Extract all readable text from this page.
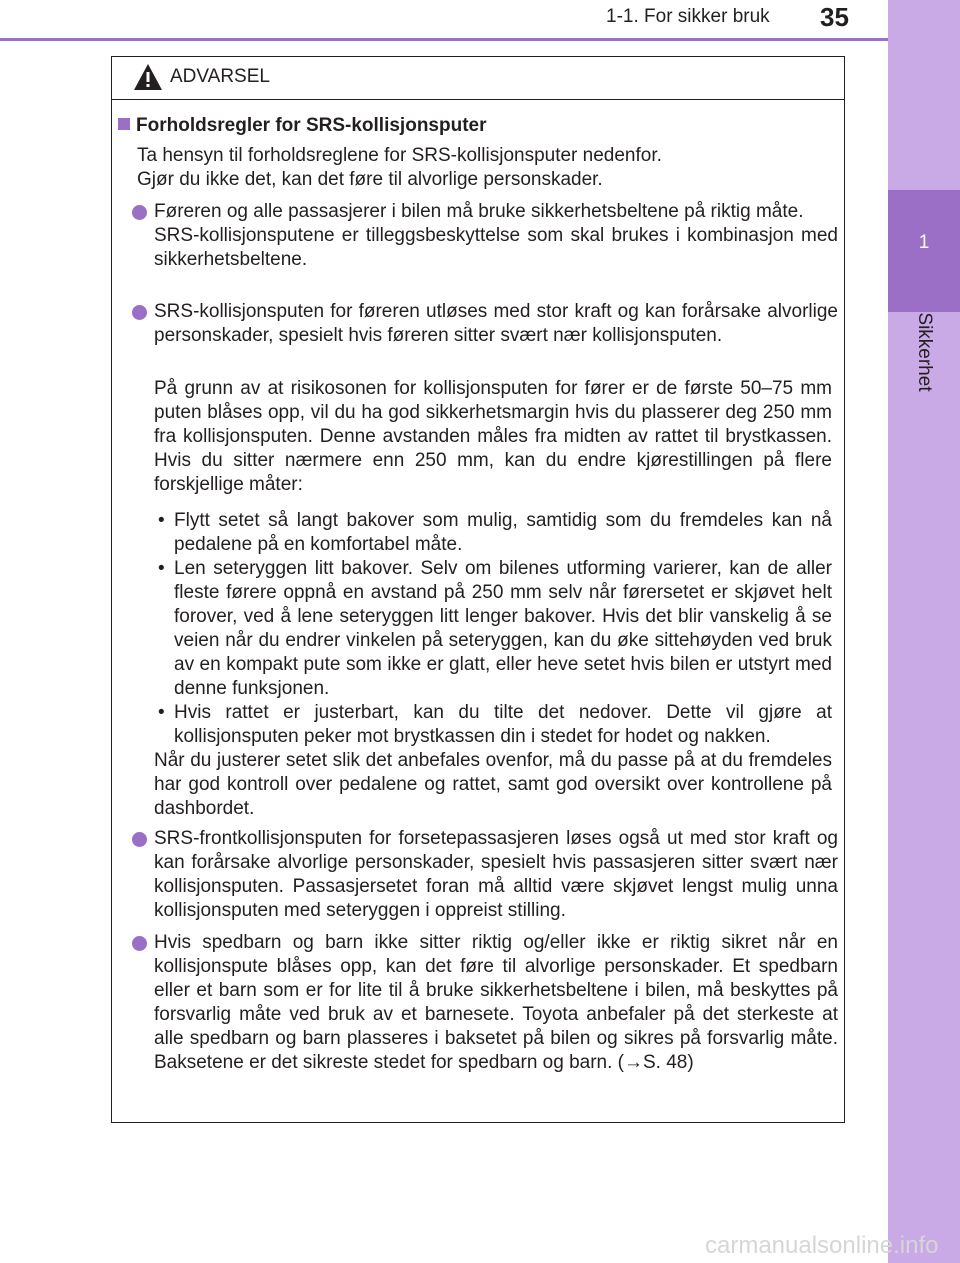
1-1. For sikker bruk 35
1
Sikkerhet
ADVARSEL
Forholdsregler for SRS-kollisjonsputer

Ta hensyn til forholdsreglene for SRS-kollisjonsputer nedenfor.

Gjør du ikke det, kan det føre til alvorlige personskader.

Føreren og alle passasjerer i bilen må bruke sikkerhetsbeltene på riktig måte.

SRS-kollisjonsputene er tilleggsbeskyttelse som skal brukes i kombinasjon med sikkerhetsbeltene.

SRS-kollisjonsputen for føreren utløses med stor kraft og kan forårsake alvorlige personskader, spesielt hvis føreren sitter svært nær kollisjonsputen.

På grunn av at risikosonen for kollisjonsputen for fører er de første 50–75 mm puten blåses opp, vil du ha god sikkerhetsmargin hvis du plasserer deg 250 mm fra kollisjonsputen. Denne avstanden måles fra midten av rattet til brystkassen. Hvis du sitter nærmere enn 250 mm, kan du endre kjørestillingen på flere forskjellige måter:
• Flytt setet så langt bakover som mulig, samtidig som du fremdeles kan nå pedalene på en komfortabel måte.
• Len seteryggen litt bakover. Selv om bilenes utforming varierer, kan de aller fleste førere oppnå en avstand på 250 mm selv når førersetet er skjøvet helt forover, ved å lene seteryggen litt lenger bakover. Hvis det blir vanskelig å se veien når du endrer vinkelen på seteryggen, kan du øke sittehøyden ved bruk av en kompakt pute som ikke er glatt, eller heve setet hvis bilen er utstyrt med denne funksjonen.
• Hvis rattet er justerbart, kan du tilte det nedover. Dette vil gjøre at kollisjonsputen peker mot brystkassen din i stedet for hodet og nakken.
Når du justerer setet slik det anbefales ovenfor, må du passe på at du fremdeles har god kontroll over pedalene og rattet, samt god oversikt over kontrollene på dashbordet.
SRS-frontkollisjonsputen for forsetepassasjeren løses også ut med stor kraft og kan forårsake alvorlige personskader, spesielt hvis passasjeren sitter svært nær kollisjonsputen. Passasjersetet foran må alltid være skjøvet lengst mulig unna kollisjonsputen med seteryggen i oppreist stilling.
Hvis spedbarn og barn ikke sitter riktig og/eller ikke er riktig sikret når en kollisjonspute blåses opp, kan det føre til alvorlige personskader. Et spedbarn eller et barn som er for lite til å bruke sikkerhetsbeltene i bilen, må beskyttes på forsvarlig måte ved bruk av et barnesete. Toyota anbefaler på det sterkeste at alle spedbarn og barn plasseres i baksetet på bilen og sikres på forsvarlig måte. Baksetene er det sikreste stedet for spedbarn og barn. (→S. 48)
carmanualsonline.info
